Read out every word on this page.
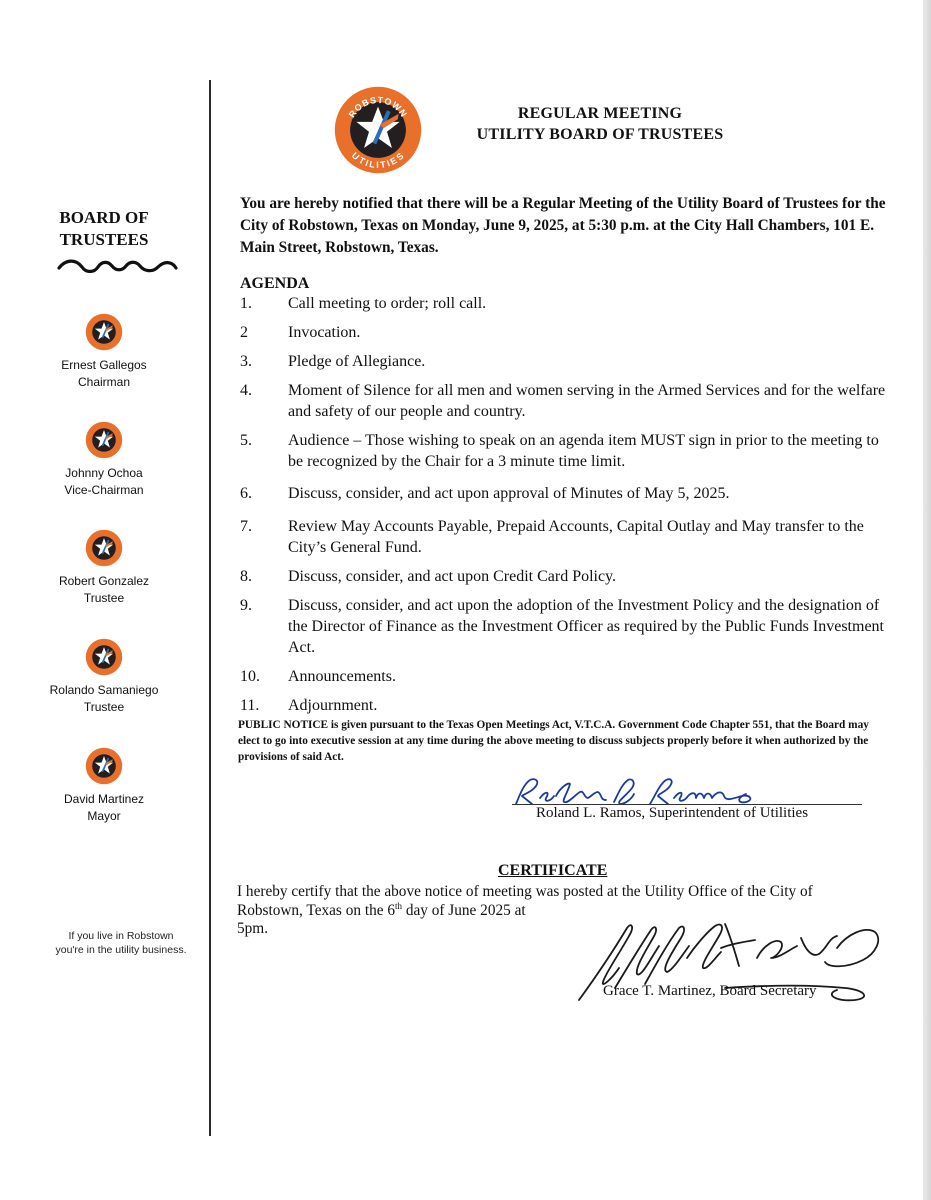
ROBSTOWN
UTILITIES
REGULAR MEETING
UTILITY BOARD OF TRUSTEES
BOARD OF
TRUSTEES
Ernest Gallegos
Chairman
Johnny Ochoa
Vice-Chairman
Robert Gonzalez
Trustee
Rolando Samaniego
Trustee
David Martinez
Mayor
If you live in Robstown
you're in the utility business.
You are hereby notified that there will be a Regular Meeting of the Utility Board of Trustees for the City of Robstown, Texas on Monday, June 9, 2025, at 5:30 p.m. at the City Hall Chambers, 101 E. Main Street, Robstown, Texas.
AGENDA
1.	Call meeting to order; roll call.
2	Invocation.
3.	Pledge of Allegiance.
4.	Moment of Silence for all men and women serving in the Armed Services and for the welfare and safety of our people and country.
5.	Audience – Those wishing to speak on an agenda item MUST sign in prior to the meeting to be recognized by the Chair for a 3 minute time limit.
6.	Discuss, consider, and act upon approval of Minutes of May 5, 2025.
7.	Review May Accounts Payable, Prepaid Accounts, Capital Outlay and May transfer to the City’s General Fund.
8.	Discuss, consider, and act upon Credit Card Policy.
9.	Discuss, consider, and act upon the adoption of the Investment Policy and the designation of the Director of Finance as the Investment Officer as required by the Public Funds Investment Act.
10.	Announcements.
11.	Adjournment.
PUBLIC NOTICE is given pursuant to the Texas Open Meetings Act, V.T.C.A. Government Code Chapter 551, that the Board may elect to go into executive session at any time during the above meeting to discuss subjects properly before it when authorized by the provisions of said Act.
Roland L. Ramos Roland L. Ramos, Superintendent of Utilities
CERTIFICATE
I hereby certify that the above notice of meeting was posted at the Utility Office of the City of
Robstown, Texas on the 6th day of June 2025 at
5pm.
Grace T. Martinez
Grace T. Martinez, Board Secretary
